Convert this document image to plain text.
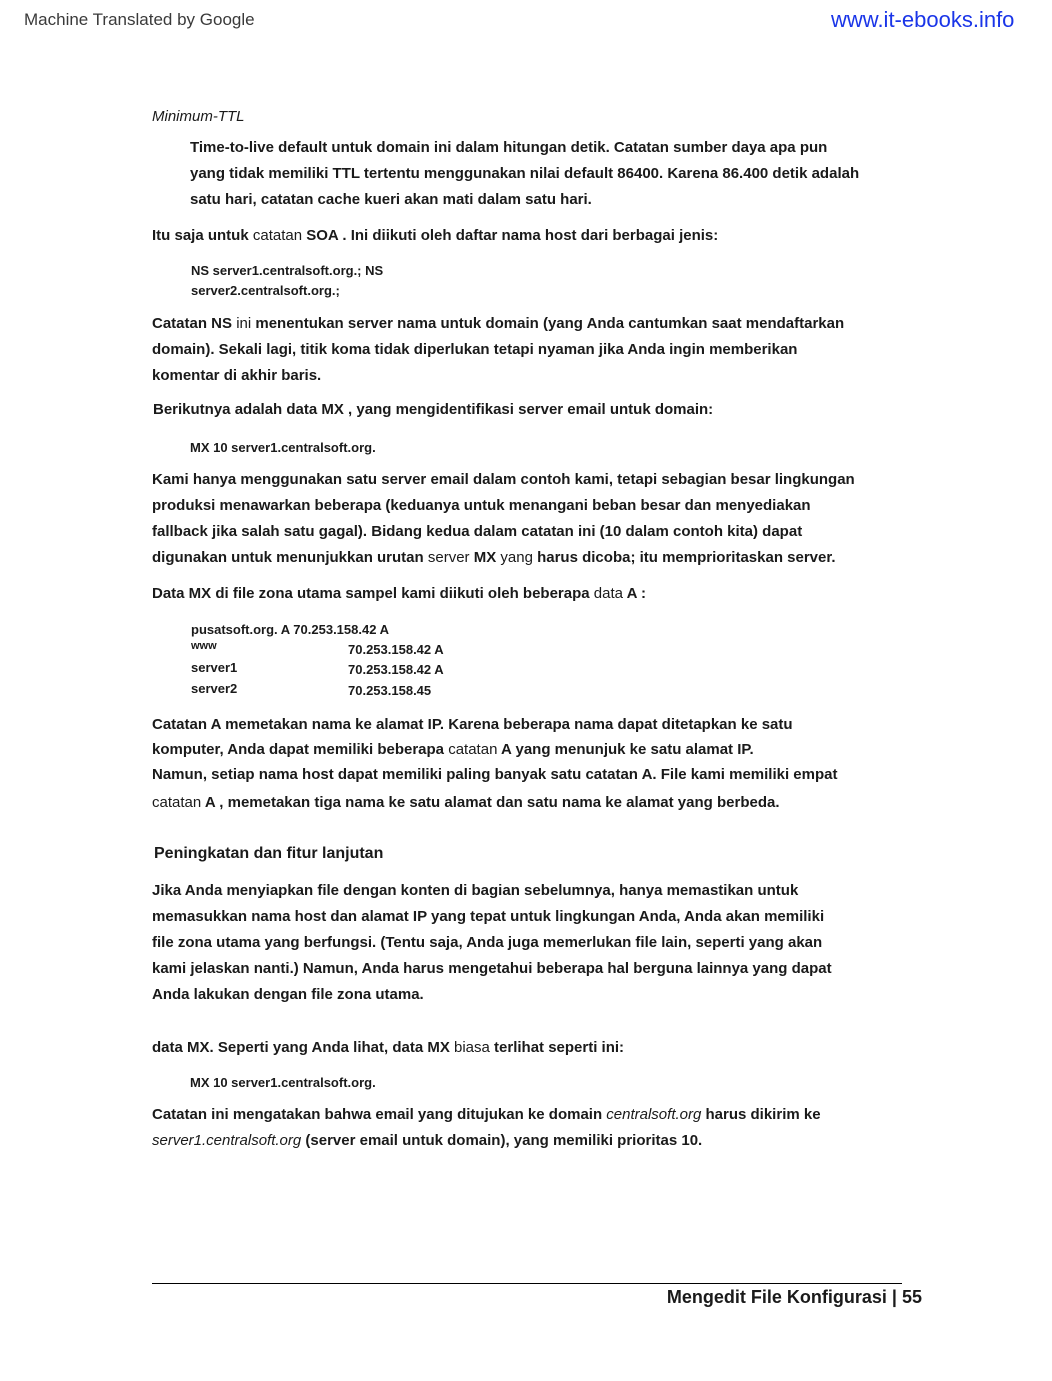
Machine Translated by Google	www.it-ebooks.info
Minimum-TTL
Time-to-live default untuk domain ini dalam hitungan detik. Catatan sumber daya apa pun
yang tidak memiliki TTL tertentu menggunakan nilai default 86400. Karena 86.400 detik adalah
satu hari, catatan cache kueri akan mati dalam satu hari.
Itu saja untuk catatan SOA . Ini diikuti oleh daftar nama host dari berbagai jenis:
NS server1.centralsoft.org.; NS
server2.centralsoft.org.;
Catatan NS ini menentukan server nama untuk domain (yang Anda cantumkan saat mendaftarkan
domain). Sekali lagi, titik koma tidak diperlukan tetapi nyaman jika Anda ingin memberikan
komentar di akhir baris.
Berikutnya adalah data MX , yang mengidentifikasi server email untuk domain:
MX 10 server1.centralsoft.org.
Kami hanya menggunakan satu server email dalam contoh kami, tetapi sebagian besar lingkungan
produksi menawarkan beberapa (keduanya untuk menangani beban besar dan menyediakan
fallback jika salah satu gagal). Bidang kedua dalam catatan ini (10 dalam contoh kita) dapat
digunakan untuk menunjukkan urutan server MX yang harus dicoba; itu memprioritaskan server.
Data MX di file zona utama sampel kami diikuti oleh beberapa data A :
pusatsoft.org. A 70.253.158.42 A
www	70.253.158.42 A
server1	70.253.158.42 A
server2	70.253.158.45
Catatan A memetakan nama ke alamat IP. Karena beberapa nama dapat ditetapkan ke satu
komputer, Anda dapat memiliki beberapa catatan A yang menunjuk ke satu alamat IP.
Namun, setiap nama host dapat memiliki paling banyak satu catatan A. File kami memiliki empat
catatan A , memetakan tiga nama ke satu alamat dan satu nama ke alamat yang berbeda.
Peningkatan dan fitur lanjutan
Jika Anda menyiapkan file dengan konten di bagian sebelumnya, hanya memastikan untuk
memasukkan nama host dan alamat IP yang tepat untuk lingkungan Anda, Anda akan memiliki
file zona utama yang berfungsi. (Tentu saja, Anda juga memerlukan file lain, seperti yang akan
kami jelaskan nanti.) Namun, Anda harus mengetahui beberapa hal berguna lainnya yang dapat
Anda lakukan dengan file zona utama.
data MX. Seperti yang Anda lihat, data MX biasa terlihat seperti ini:
MX 10 server1.centralsoft.org.
Catatan ini mengatakan bahwa email yang ditujukan ke domain centralsoft.org harus dikirim ke
server1.centralsoft.org (server email untuk domain), yang memiliki prioritas 10.
Mengedit File Konfigurasi | 55
